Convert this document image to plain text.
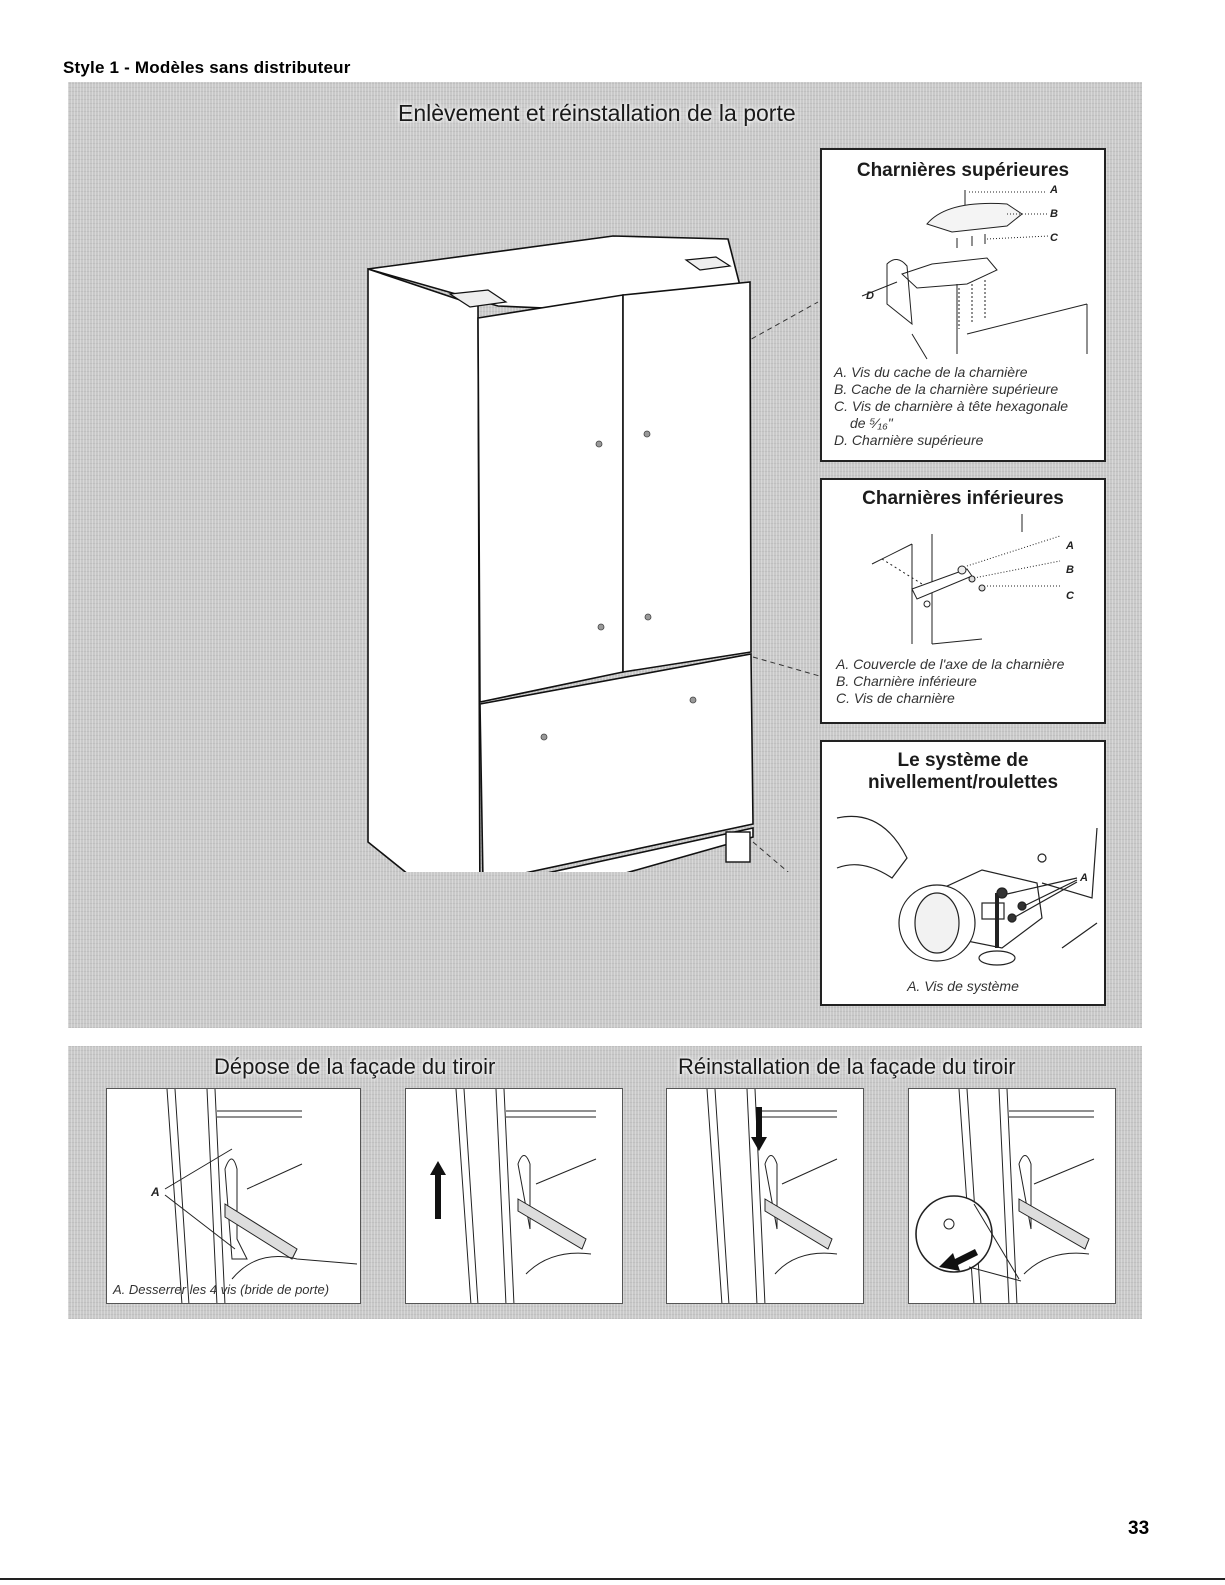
Style 1 - Modèles sans distributeur
Enlèvement et réinstallation de la porte
Charnières supérieures
A
B
C
D
A. Vis du cache de la charnière
B. Cache de la charnière supérieure
C. Vis de charnière à tête hexagonale
de ⁵⁄₁₆"
D. Charnière supérieure
Charnières inférieures
A
B
C
A. Couvercle de l'axe de la charnière
B. Charnière inférieure
C. Vis de charnière
Le système de
nivellement/roulettes
A
A. Vis de système
Dépose de la façade du tiroir	Réinstallation de la façade du tiroir
A
A. Desserrer les 4 vis (bride de porte)
33
